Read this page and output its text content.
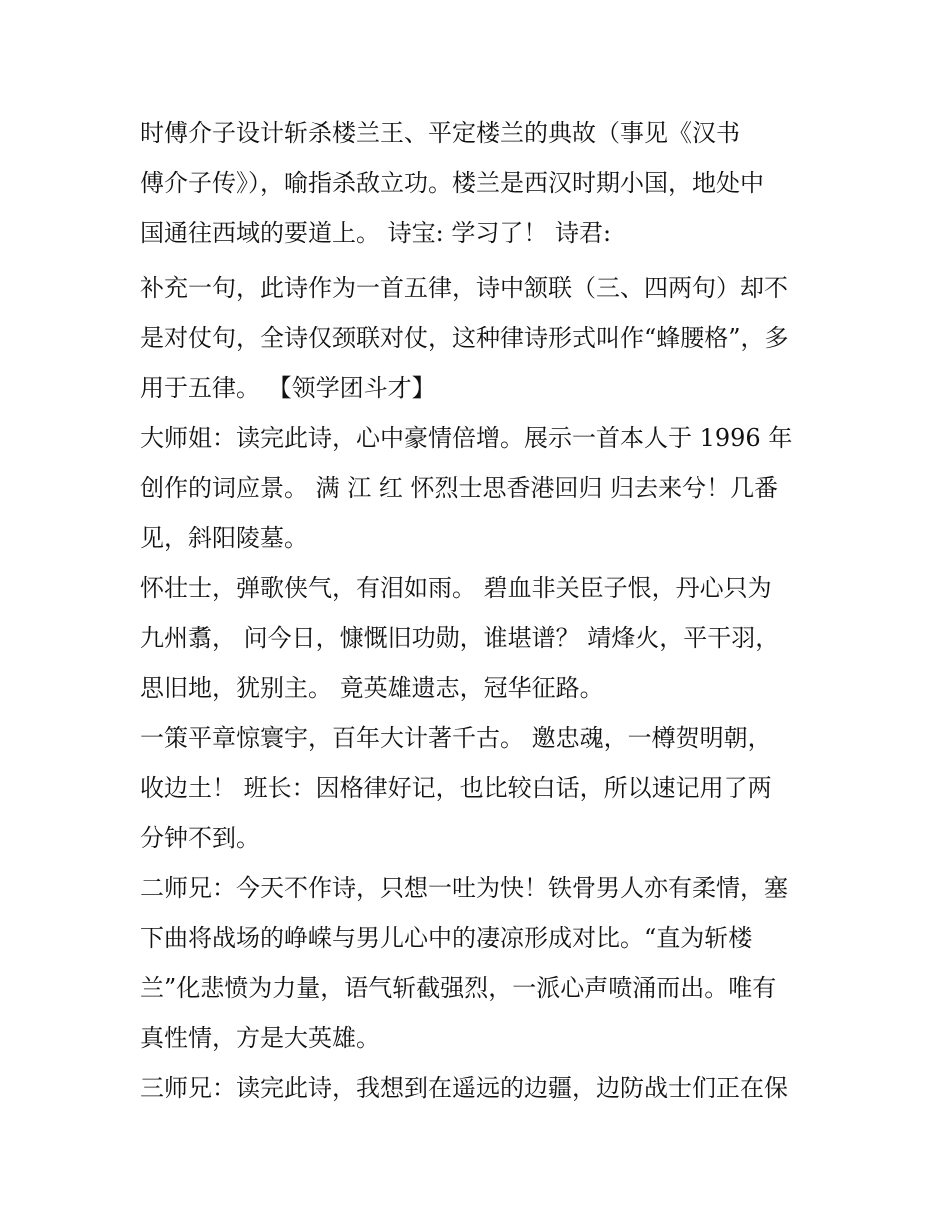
时傅介子设计斩杀楼兰王、平定楼兰的典故（事见《汉书
傅介子传》），喻指杀敌立功。楼兰是西汉时期小国，地处中
国通往西域的要道上。 诗宝: 学习了！ 诗君:
补充一句，此诗作为一首五律，诗中颔联（三、四两句）却不
是对仗句，全诗仅颈联对仗，这种律诗形式叫作“蜂腰格”，多
用于五律。 【领学团斗才】
大师姐：读完此诗，心中豪情倍增。展示一首本人于 1996 年
创作的词应景。 满 江 红 怀烈士思香港回归 归去来兮！几番
见，斜阳陵墓。
怀壮士，弹歌侠气，有泪如雨。 碧血非关臣子恨，丹心只为
九州翥， 问今日，慷慨旧功勋，谁堪谱？ 靖烽火，平干羽，
思旧地，犹别主。 竟英雄遗志，冠华征路。
一策平章惊寰宇，百年大计著千古。 邀忠魂，一樽贺明朝，
收边土！ 班长：因格律好记，也比较白话，所以速记用了两
分钟不到。
二师兄：今天不作诗，只想一吐为快！铁骨男人亦有柔情，塞
下曲将战场的峥嵘与男儿心中的凄凉形成对比。“直为斩楼
兰”化悲愤为力量，语气斩截强烈，一派心声喷涌而出。唯有
真性情，方是大英雄。
三师兄：读完此诗，我想到在遥远的边疆，边防战士们正在保
